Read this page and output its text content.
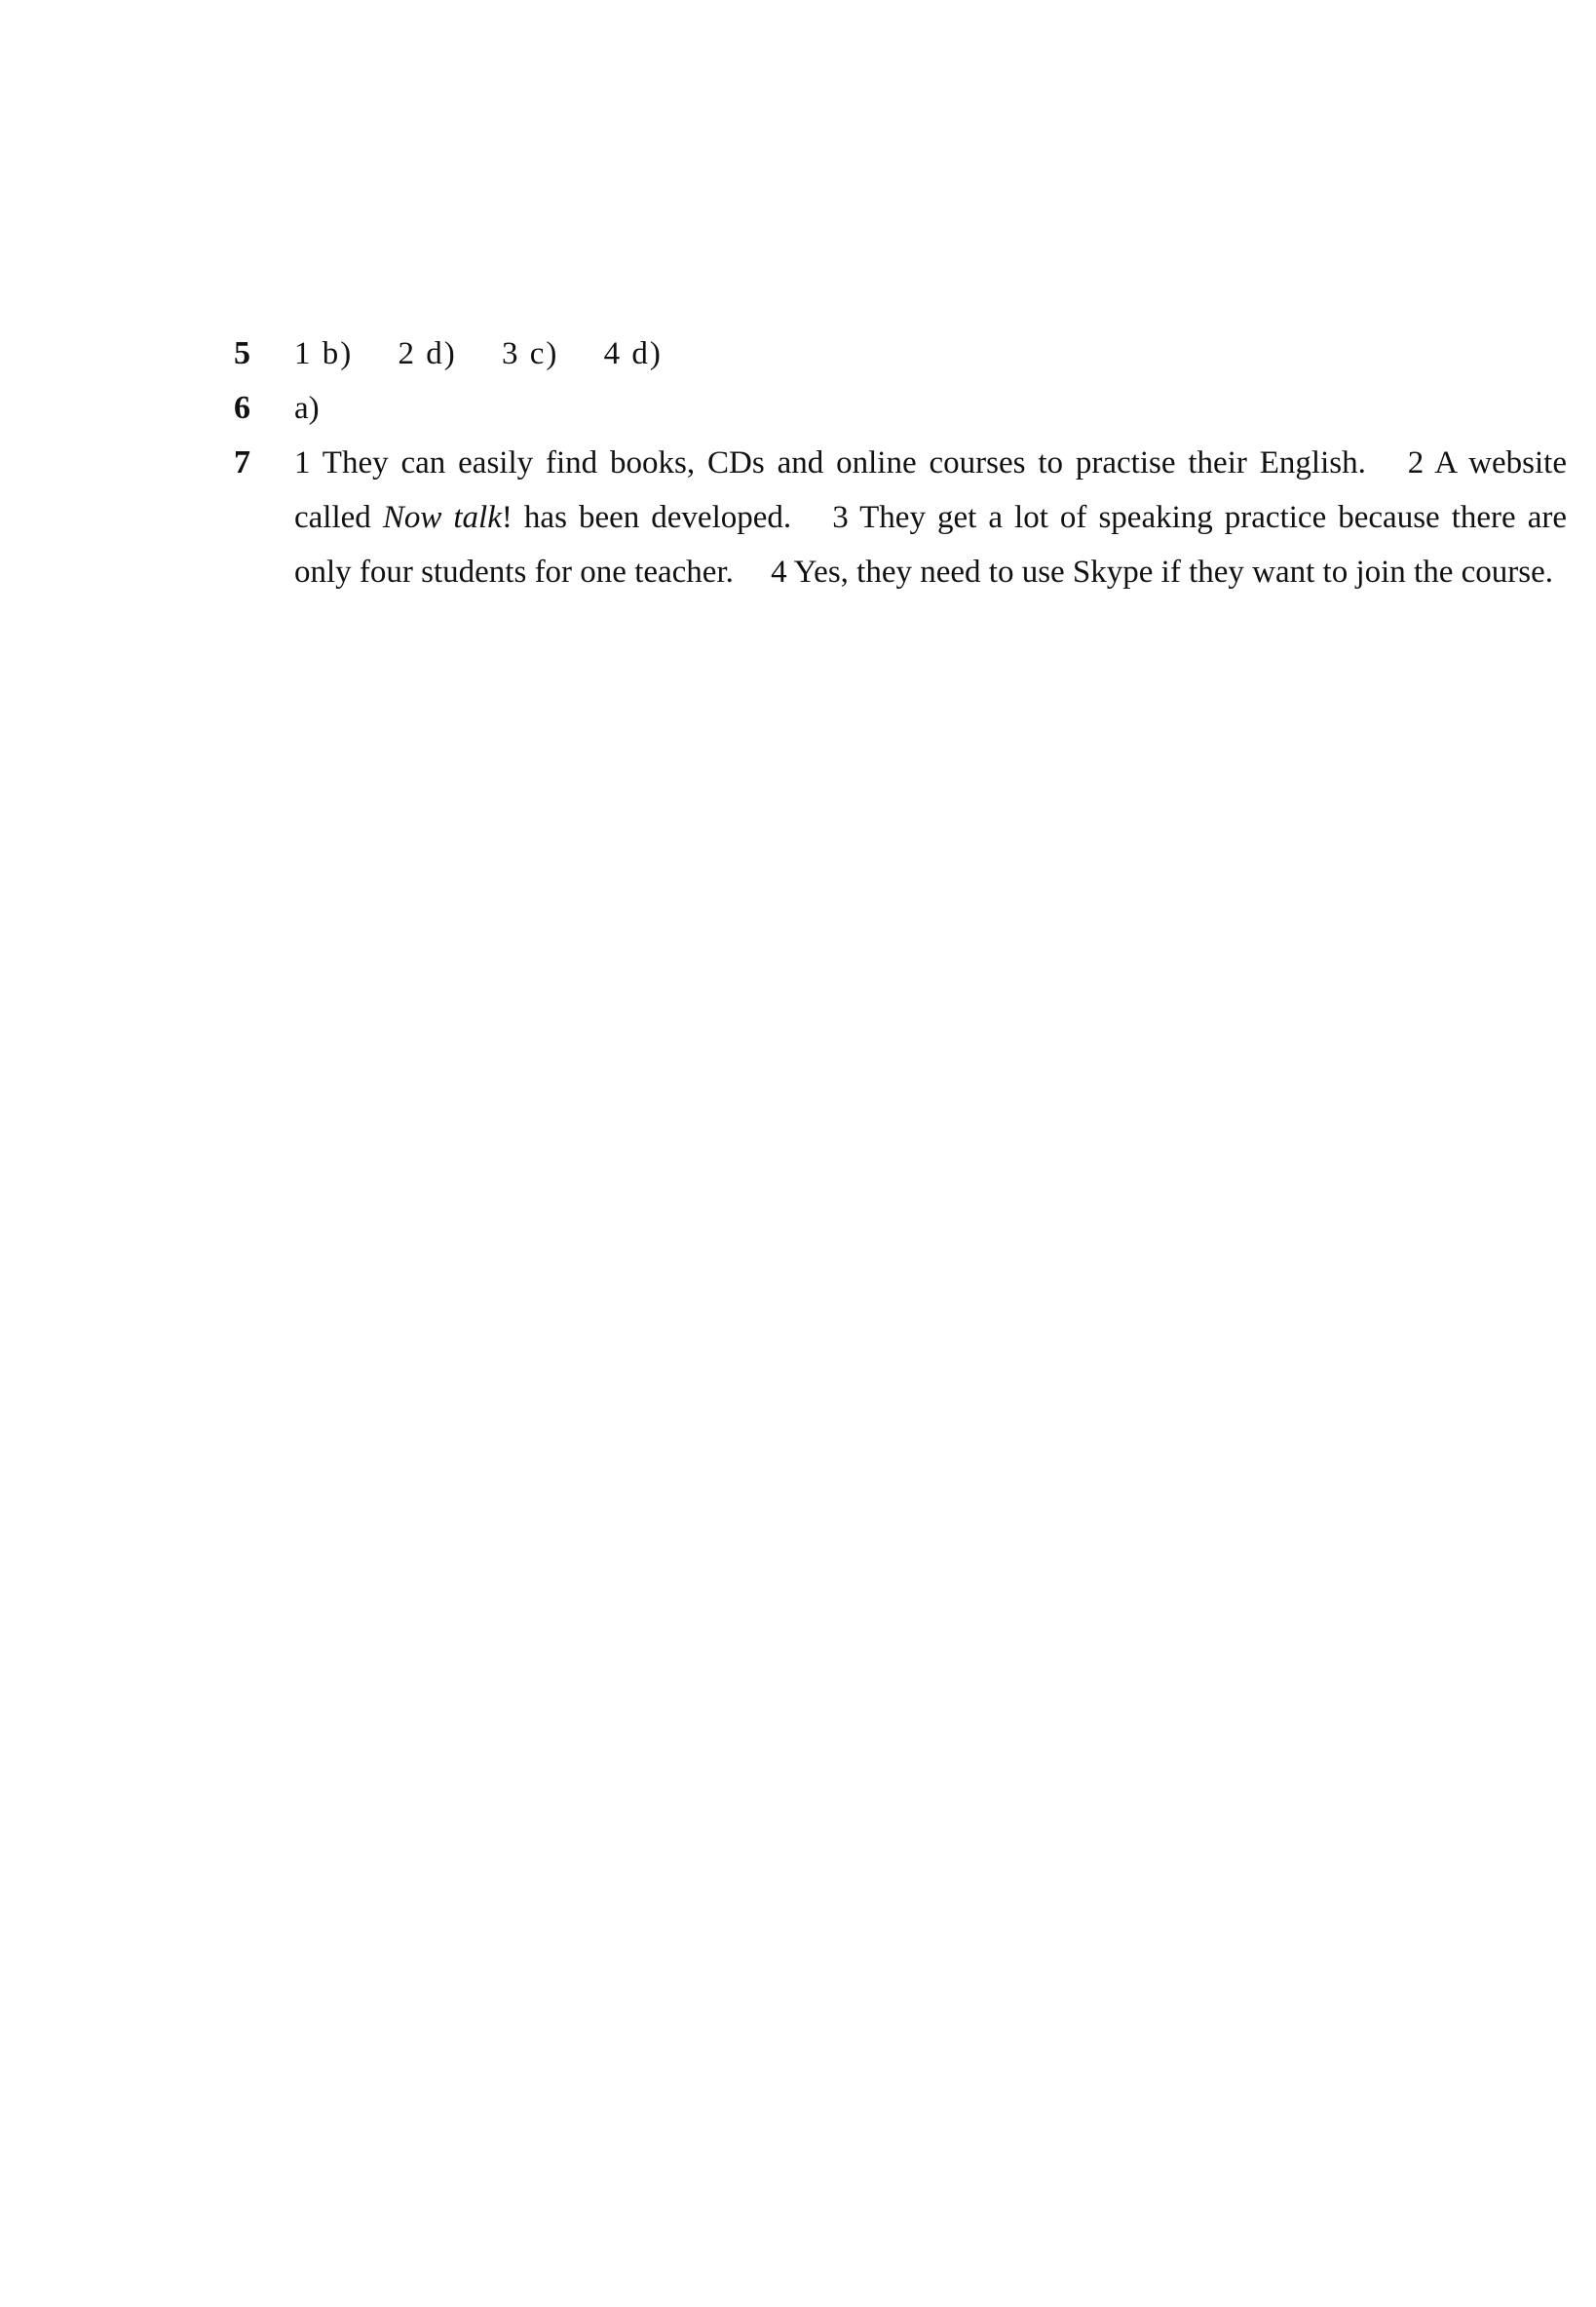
5 1 b) 2 d) 3 c) 4 d)
6 a)
7 1 They can easily find books, CDs and online courses to practise their English. 2 A website called Now talk! has been developed. 3 They get a lot of speaking practice because there are only four students for one teacher. 4 Yes, they need to use Skype if they want to join the course.
